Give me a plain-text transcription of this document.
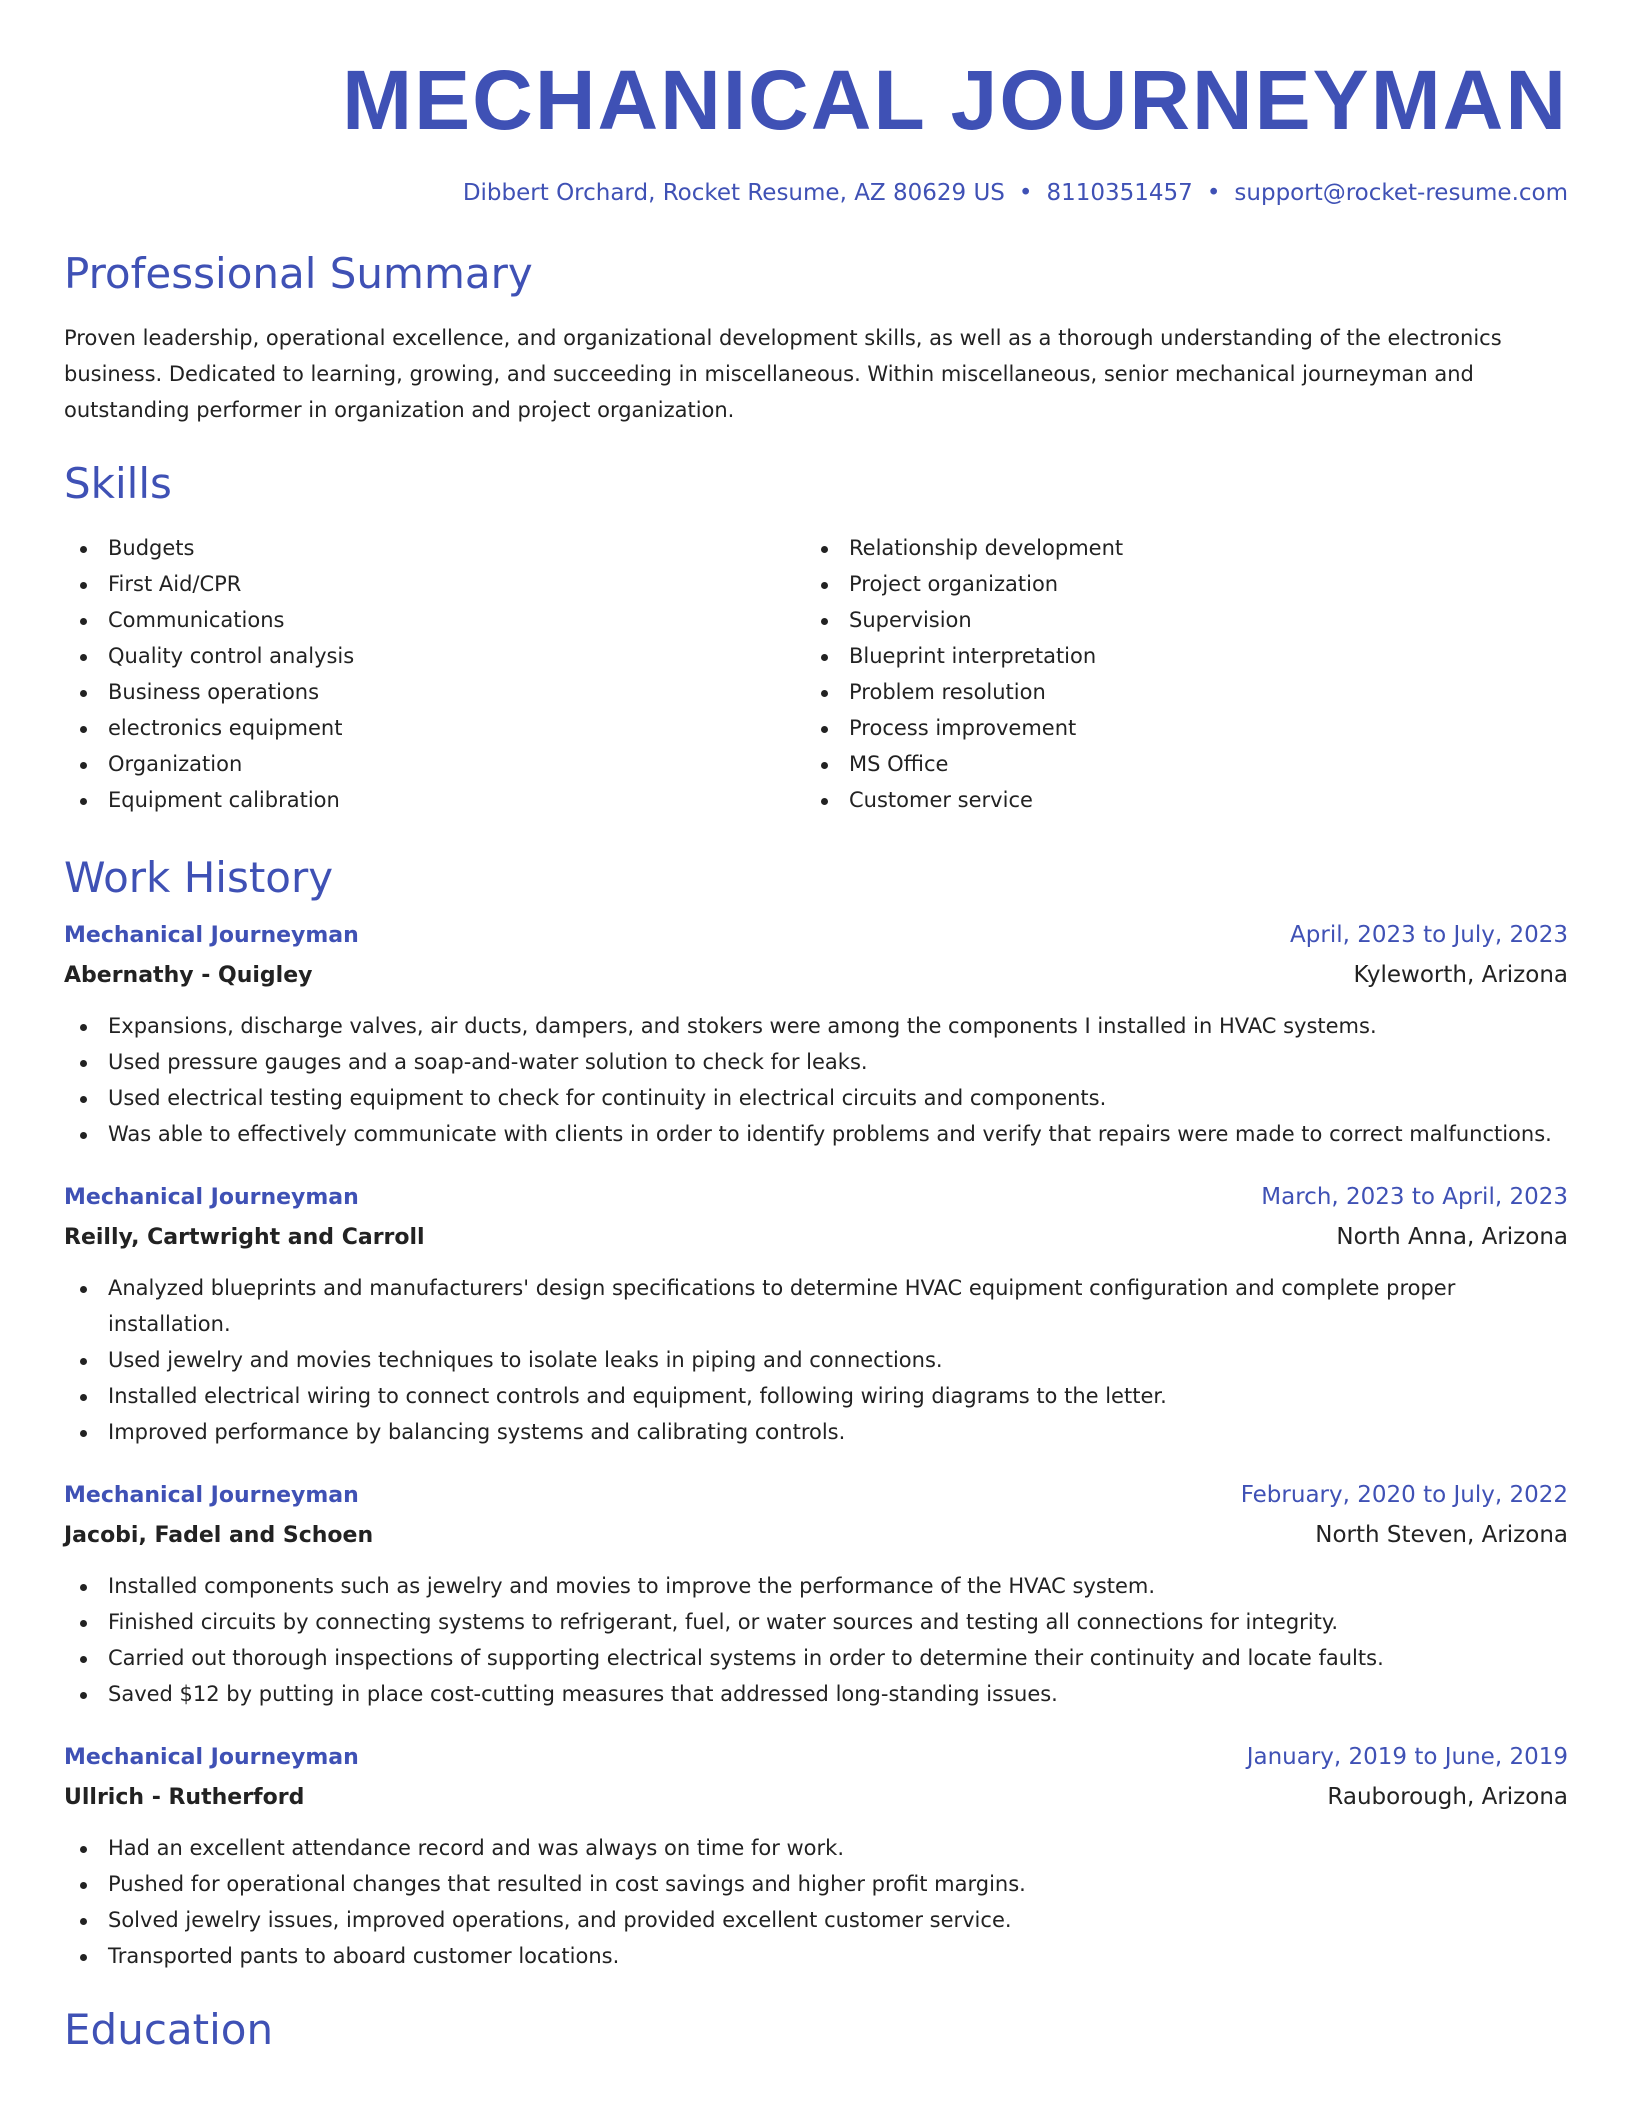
MECHANICAL JOURNEYMAN
Dibbert Orchard, Rocket Resume, AZ 80629 US • 8110351457 • support@rocket-resume.com
Professional Summary
Proven leadership, operational excellence, and organizational development skills, as well as a thorough understanding of the electronics business. Dedicated to learning, growing, and succeeding in miscellaneous. Within miscellaneous, senior mechanical journeyman and outstanding performer in organization and project organization.
Skills
Budgets
First Aid/CPR
Communications
Quality control analysis
Business operations
electronics equipment
Organization
Equipment calibration
Relationship development
Project organization
Supervision
Blueprint interpretation
Problem resolution
Process improvement
MS Office
Customer service
Work History
Mechanical Journeyman	April, 2023 to July, 2023
Abernathy - Quigley	Kyleworth, Arizona
Expansions, discharge valves, air ducts, dampers, and stokers were among the components I installed in HVAC systems.
Used pressure gauges and a soap-and-water solution to check for leaks.
Used electrical testing equipment to check for continuity in electrical circuits and components.
Was able to effectively communicate with clients in order to identify problems and verify that repairs were made to correct malfunctions.
Mechanical Journeyman	March, 2023 to April, 2023
Reilly, Cartwright and Carroll	North Anna, Arizona
Analyzed blueprints and manufacturers' design specifications to determine HVAC equipment configuration and complete proper installation.
Used jewelry and movies techniques to isolate leaks in piping and connections.
Installed electrical wiring to connect controls and equipment, following wiring diagrams to the letter.
Improved performance by balancing systems and calibrating controls.
Mechanical Journeyman	February, 2020 to July, 2022
Jacobi, Fadel and Schoen	North Steven, Arizona
Installed components such as jewelry and movies to improve the performance of the HVAC system.
Finished circuits by connecting systems to refrigerant, fuel, or water sources and testing all connections for integrity.
Carried out thorough inspections of supporting electrical systems in order to determine their continuity and locate faults.
Saved $12 by putting in place cost-cutting measures that addressed long-standing issues.
Mechanical Journeyman	January, 2019 to June, 2019
Ullrich - Rutherford	Rauborough, Arizona
Had an excellent attendance record and was always on time for work.
Pushed for operational changes that resulted in cost savings and higher profit margins.
Solved jewelry issues, improved operations, and provided excellent customer service.
Transported pants to aboard customer locations.
Education
